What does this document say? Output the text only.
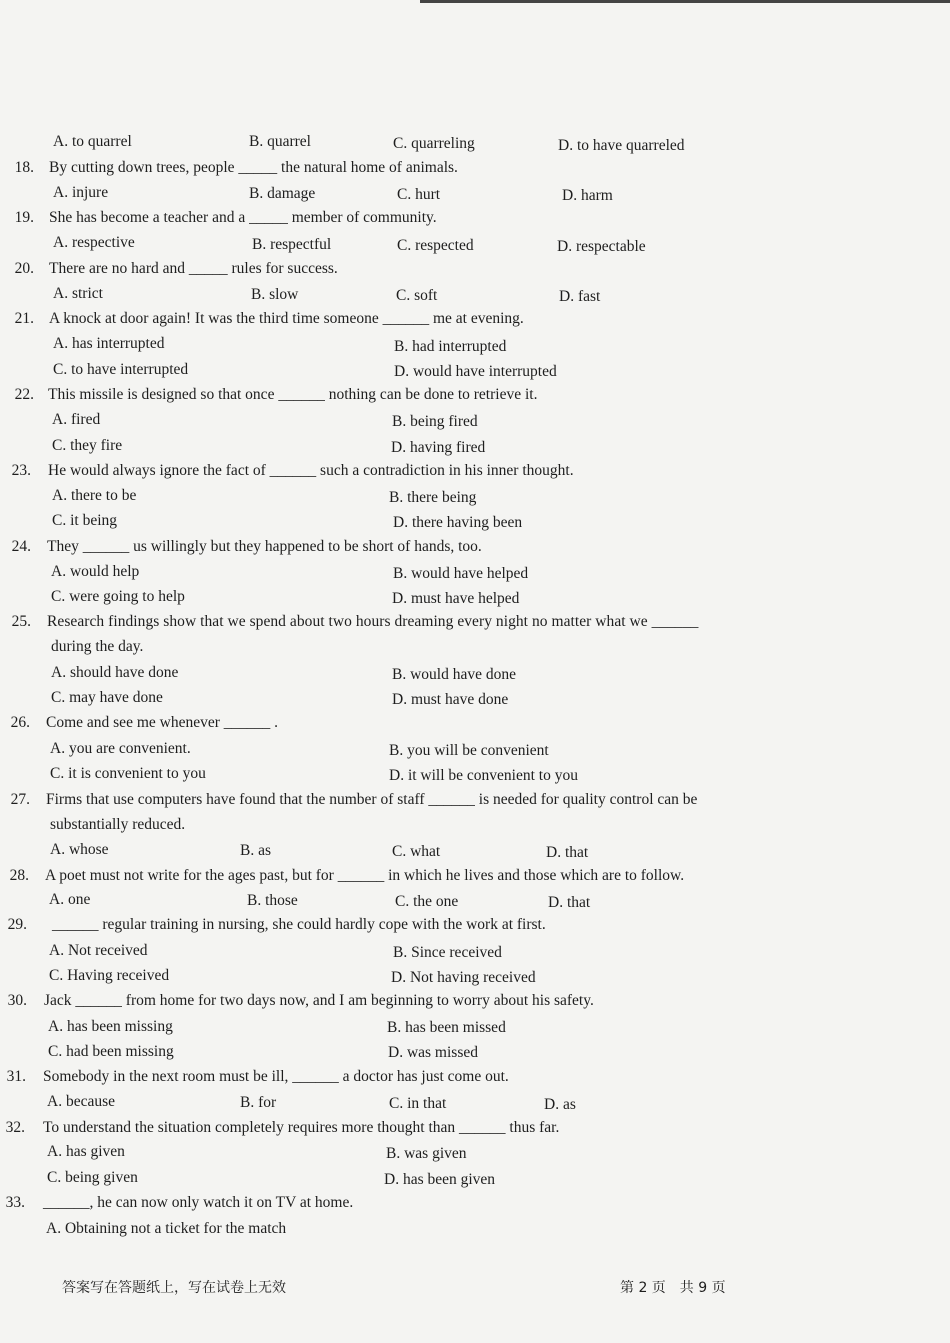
A. to quarrel	B. quarrel	C. quarreling	D. to have quarreled
18. By cutting down trees, people _____ the natural home of animals.
A. injure	B. damage	C. hurt	D. harm
19. She has become a teacher and a _____ member of community.
A. respective	B. respectful	C. respected	D. respectable
20. There are no hard and _____ rules for success.
A. strict	B. slow	C. soft	D. fast
21. A knock at door again! It was the third time someone ______ me at evening.
A. has interrupted	B. had interrupted
C. to have interrupted	D. would have interrupted
22. This missile is designed so that once ______ nothing can be done to retrieve it.
A. fired	B. being fired
C. they fire	D. having fired
23. He would always ignore the fact of ______ such a contradiction in his inner thought.
A. there to be	B. there being
C. it being	D. there having been
24. They ______ us willingly but they happened to be short of hands, too.
A. would help	B. would have helped
C. were going to help	D. must have helped
25. Research findings show that we spend about two hours dreaming every night no matter what we ______
during the day.
A. should have done	B. would have done
C. may have done	D. must have done
26. Come and see me whenever ______ .
A. you are convenient.	B. you will be convenient
C. it is convenient to you	D. it will be convenient to you
27. Firms that use computers have found that the number of staff ______ is needed for quality control can be
substantially reduced.
A. whose	B. as	C. what	D. that
28. A poet must not write for the ages past, but for ______ in which he lives and those which are to follow.
A. one	B. those	C. the one	D. that
29. ______ regular training in nursing, she could hardly cope with the work at first.
A. Not received	B. Since received
C. Having received	D. Not having received
30. Jack ______ from home for two days now, and I am beginning to worry about his safety.
A. has been missing	B. has been missed
C. had been missing	D. was missed
31. Somebody in the next room must be ill, ______ a doctor has just come out.
A. because	B. for	C. in that	D. as
32. To understand the situation completely requires more thought than ______ thus far.
A. has given	B. was given
C. being given	D. has been given
33. ______, he can now only watch it on TV at home.
A. Obtaining not a ticket for the match
答案写在答题纸上，写在试卷上无效	第 2 页　共 9 页
